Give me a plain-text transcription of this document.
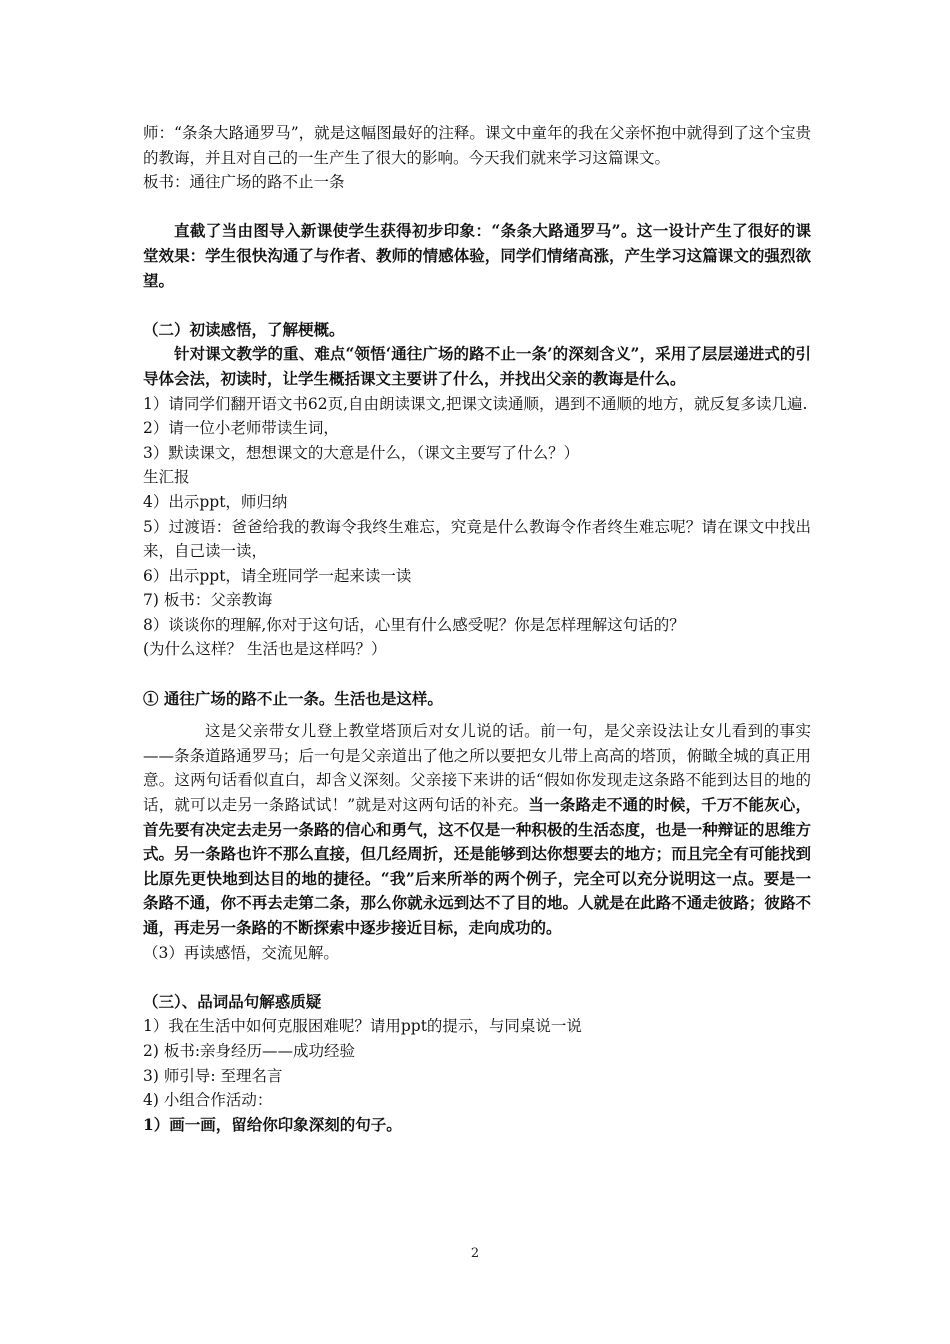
师：“条条大路通罗马”，就是这幅图最好的注释。课文中童年的我在父亲怀抱中就得到了这个宝贵的教诲，并且对自己的一生产生了很大的影响。今天我们就来学习这篇课文。

板书：通往广场的路不止一条

直截了当由图导入新课使学生获得初步印象：“条条大路通罗马”。这一设计产生了很好的课堂效果：学生很快沟通了与作者、教师的情感体验，同学们情绪高涨，产生学习这篇课文的强烈欲望。

（二）初读感悟，了解梗概。

针对课文教学的重、难点“领悟‘通往广场的路不止一条’的深刻含义”，采用了层层递进式的引导体会法，初读时，让学生概括课文主要讲了什么，并找出父亲的教诲是什么。

1）请同学们翻开语文书62页,自由朗读课文,把课文读通顺，遇到不通顺的地方，就反复多读几遍.

2）请一位小老师带读生词，

3）默读课文，想想课文的大意是什么，（课文主要写了什么？）

生汇报

4）出示ppt，师归纳

5）过渡语：爸爸给我的教诲令我终生难忘，究竟是什么教诲令作者终生难忘呢？请在课文中找出来，自己读一读，

6）出示ppt，请全班同学一起来读一读

7) 板书：父亲教诲

8）谈谈你的理解,你对于这句话，心里有什么感受呢？你是怎样理解这句话的？

(为什么这样？ 生活也是这样吗？）

① 通往广场的路不止一条。生活也是这样。

这是父亲带女儿登上教堂塔顶后对女儿说的话。前一句，是父亲设法让女儿看到的事实——条条道路通罗马；后一句是父亲道出了他之所以要把女儿带上高高的塔顶，俯瞰全城的真正用意。这两句话看似直白，却含义深刻。父亲接下来讲的话“假如你发现走这条路不能到达目的地的话，就可以走另一条路试试！”就是对这两句话的补充。当一条路走不通的时候，千万不能灰心，首先要有决定去走另一条路的信心和勇气，这不仅是一种积极的生活态度，也是一种辩证的思维方式。另一条路也许不那么直接，但几经周折，还是能够到达你想要去的地方；而且完全有可能找到比原先更快地到达目的地的捷径。“我”后来所举的两个例子，完全可以充分说明这一点。要是一条路不通，你不再去走第二条，那么你就永远到达不了目的地。人就是在此路不通走彼路；彼路不通，再走另一条路的不断探索中逐步接近目标，走向成功的。

（3）再读感悟，交流见解。

（三）、品词品句解惑质疑

1）我在生活中如何克服困难呢？请用ppt的提示，与同桌说一说

2) 板书:亲身经历——成功经验

3) 师引导: 至理名言

4) 小组合作活动：

1）画一画，留给你印象深刻的句子。

2
